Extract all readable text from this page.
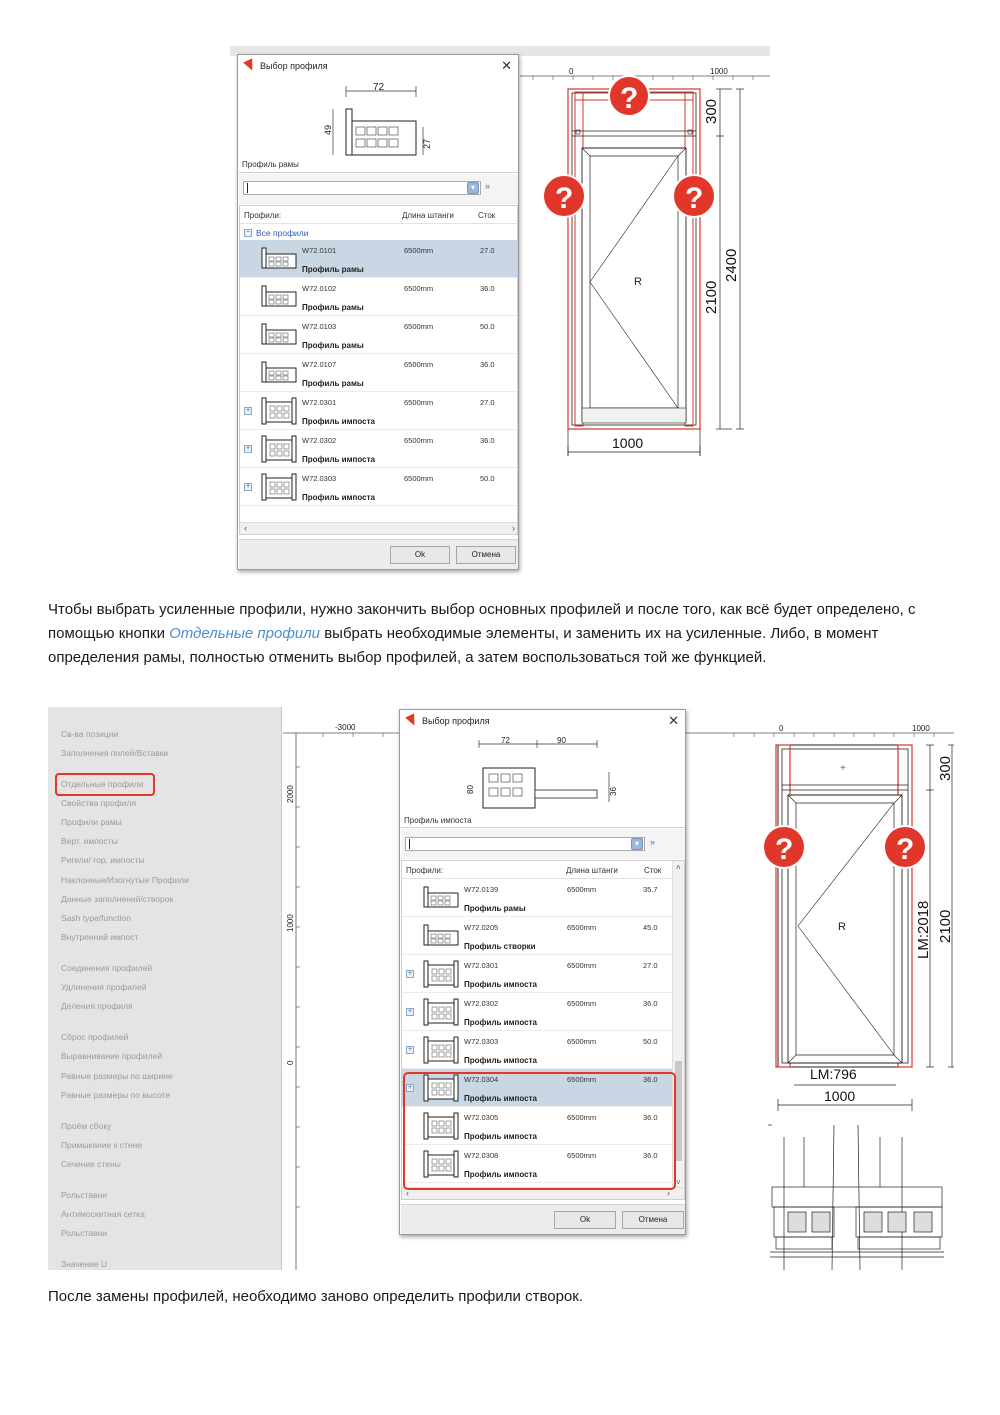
0	1000
R
?
?	?
300
2100
2400
1000
Выбор профиля	✕
72
49
27
Профиль рамы
▾	»
Профили:	Длина штанги	Сток
− Все профили
W72.0101
Профиль рамы
6500mm	27.0
W72.0102
Профиль рамы
6500mm	36.0
W72.0103
Профиль рамы
6500mm	50.0
W72.0107
Профиль рамы
6500mm	36.0
+
W72.0301
Профиль импоста
6500mm	27.0
+
W72.0302
Профиль импоста
6500mm	36.0
+
W72.0303
Профиль импоста
6500mm	50.0
‹	›
Ok	Отмена
Чтобы выбрать усиленные профили, нужно закончить выбор основных профилей и после того, как всё будет определено, с помощью кнопки Отдельные профили выбрать необходимые элементы, и заменить их на усиленные. Либо, в момент определения рамы, полностью отменить выбор профилей, а затем воспользоваться той же функцией.
Св-ва позиции
Заполнения полей/Вставки
Отдельные профили
Свойства профиля
Профили рамы
Верт. импосты
Ригели/ гор. импосты
Наклонные/Изогнутые Профили
Данные заполнений/створок
Sash type/function
Внутренний импост
Соединения профилей
Удлинения профилей
Деления профиля
Сброс профилей
Выравнивание профилей
Равные размеры по ширине
Равные размеры по высоте
Проём сбоку
Примыкание к стене
Сечение стены
Рольставни
Антимоскитная сетка
Рольставни
Значение U
-3000
2000
1000
0
0	1000
+
R
?	?
300
2100
LM:2018
LM:796
1000
Выбор профиля	✕
72	90
80	36
Профиль импоста
▾	»
Профили:	Длина штанги	Сток
W72.0139
Профиль рамы
6500mm	35.7
W72.0205
Профиль створки
6500mm	45.0
+
W72.0301
Профиль импоста
6500mm	27.0
+
W72.0302
Профиль импоста
6500mm	36.0
+
W72.0303
Профиль импоста
6500mm	50.0
+
W72.0304
Профиль импоста
6500mm	36.0
W72.0305
Профиль импоста
6500mm	36.0
W72.0308
Профиль импоста
6500mm	36.0
˄
˅
‹	›
Ok	Отмена
После замены профилей, необходимо заново определить профили створок.
